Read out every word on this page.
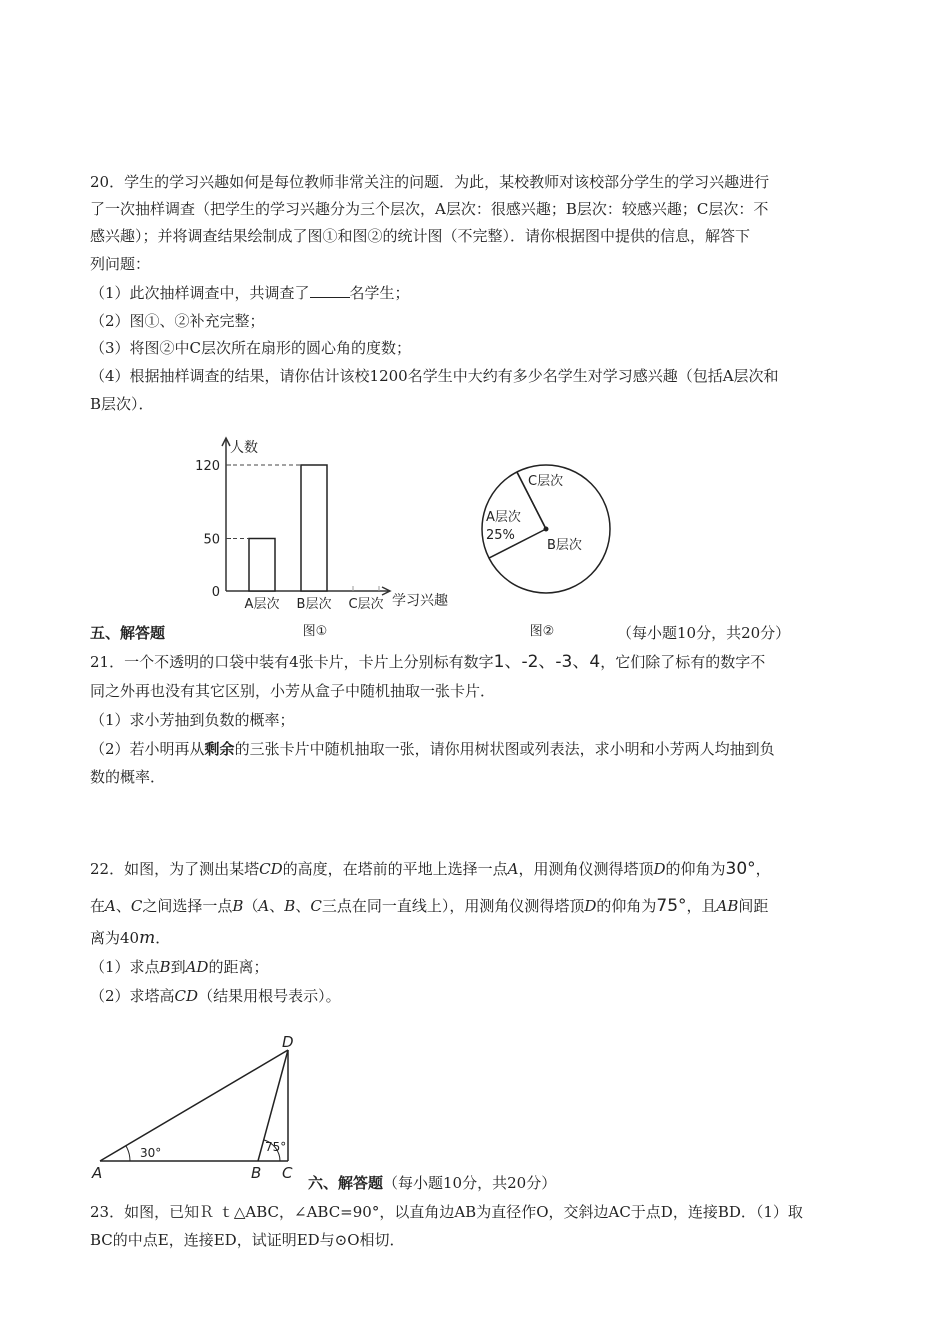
20．学生的学习兴趣如何是每位教师非常关注的问题．为此，某校教师对该校部分学生的学习兴趣进行
了一次抽样调查（把学生的学习兴趣分为三个层次，A层次：很感兴趣；B层次：较感兴趣；C层次：不
感兴趣）；并将调查结果绘制成了图①和图②的统计图（不完整）．请你根据图中提供的信息，解答下
列问题：
（1）此次抽样调查中，共调查了	名学生；
（2）图①、②补充完整；
（3）将图②中C层次所在扇形的圆心角的度数；
（4）根据抽样调查的结果，请你估计该校1200名学生中大约有多少名学生对学习感兴趣（包括A层次和
B层次）．
人数
学习兴趣
0
50
120
A层次 B层次 C层次
图①
C层次
A层次
25%
B层次
图②
五、解答题	（每小题10分，共20分）
21．一个不透明的口袋中装有4张卡片，卡片上分别标有数字1、-2、-3、4，它们除了标有的数字不
同之外再也没有其它区别，小芳从盒子中随机抽取一张卡片．
（1）求小芳抽到负数的概率；
（2）若小明再从剩余的三张卡片中随机抽取一张，请你用树状图或列表法，求小明和小芳两人均抽到负
数的概率．
22．如图，为了测出某塔CD的高度，在塔前的平地上选择一点A，用测角仪测得塔顶D的仰角为30°，
在A、C之间选择一点B（A、B、C三点在同一直线上），用测角仪测得塔顶D的仰角为75°，且AB间距
离为40m．
（1）求点B到AD的距离；
（2）求塔高CD（结果用根号表示）。
D
A	B C
30°	75°
六、解答题（每小题10分，共20分）
23．如图，已知Ｒ ｔ△ABC，∠ABC=90°，以直角边AB为直径作O，交斜边AC于点D，连接BD．（1）取
BC的中点E，连接ED，试证明ED与⊙O相切．
